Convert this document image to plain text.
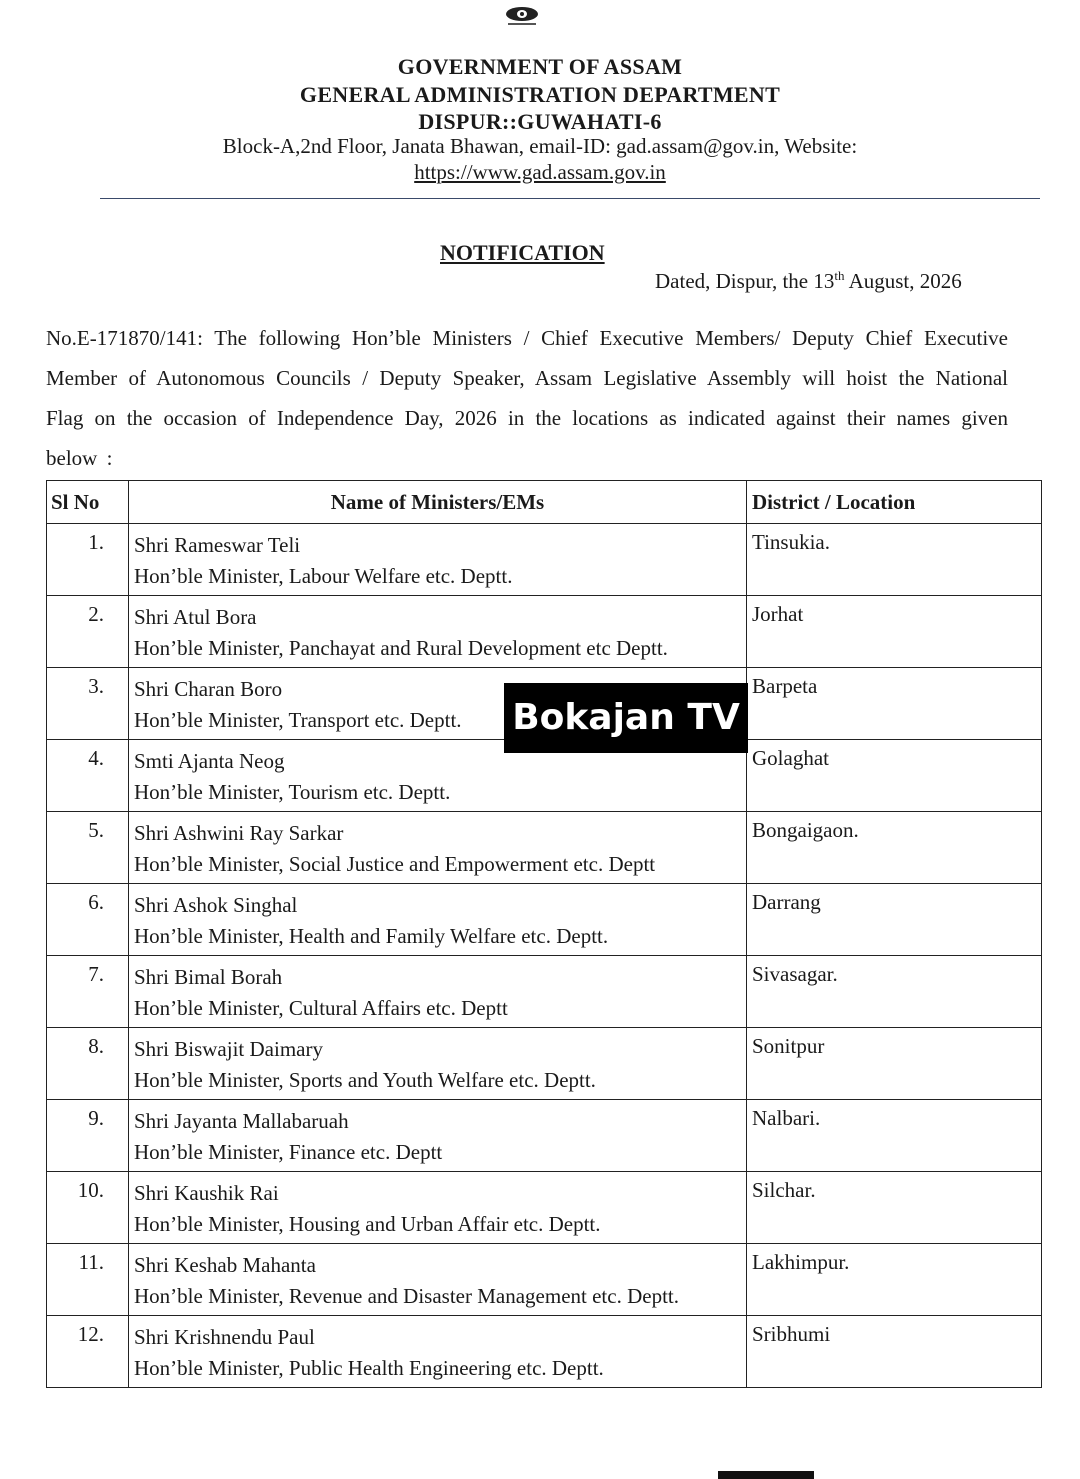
GOVERNMENT OF ASSAM
GENERAL ADMINISTRATION DEPARTMENT
DISPUR::GUWAHATI-6
Block-A,2nd Floor, Janata Bhawan, email-ID: gad.assam@gov.in, Website:
https://www.gad.assam.gov.in
NOTIFICATION
Dated, Dispur, the 13th August, 2026
No.E-171870/141: The following Hon’ble Ministers / Chief Executive Members/ Deputy Chief Executive Member of Autonomous Councils / Deputy Speaker, Assam Legislative Assembly will hoist the National Flag on the occasion of Independence Day, 2026 in the locations as indicated against their names given below :
Sl No	Name of Ministers/EMs	District / Location
1.	Shri Rameswar Teli
Hon’ble Minister, Labour Welfare etc. Deptt.	Tinsukia.
2.	Shri Atul Bora
Hon’ble Minister, Panchayat and Rural Development etc Deptt.	Jorhat
3.	Shri Charan Boro
Hon’ble Minister, Transport etc. Deptt.	Barpeta
4.	Smti Ajanta Neog
Hon’ble Minister, Tourism etc. Deptt.	Golaghat
5.	Shri Ashwini Ray Sarkar
Hon’ble Minister, Social Justice and Empowerment etc. Deptt	Bongaigaon.
6.	Shri Ashok Singhal
Hon’ble Minister, Health and Family Welfare etc. Deptt.	Darrang
7.	Shri Bimal Borah
Hon’ble Minister, Cultural Affairs etc. Deptt	Sivasagar.
8.	Shri Biswajit Daimary
Hon’ble Minister, Sports and Youth Welfare etc. Deptt.	Sonitpur
9.	Shri Jayanta Mallabaruah
Hon’ble Minister, Finance etc. Deptt	Nalbari.
10.	Shri Kaushik Rai
Hon’ble Minister, Housing and Urban Affair etc. Deptt.	Silchar.
11.	Shri Keshab Mahanta
Hon’ble Minister, Revenue and Disaster Management etc. Deptt.	Lakhimpur.
12.	Shri Krishnendu Paul
Hon’ble Minister, Public Health Engineering etc. Deptt.	Sribhumi
Bokajan TV
